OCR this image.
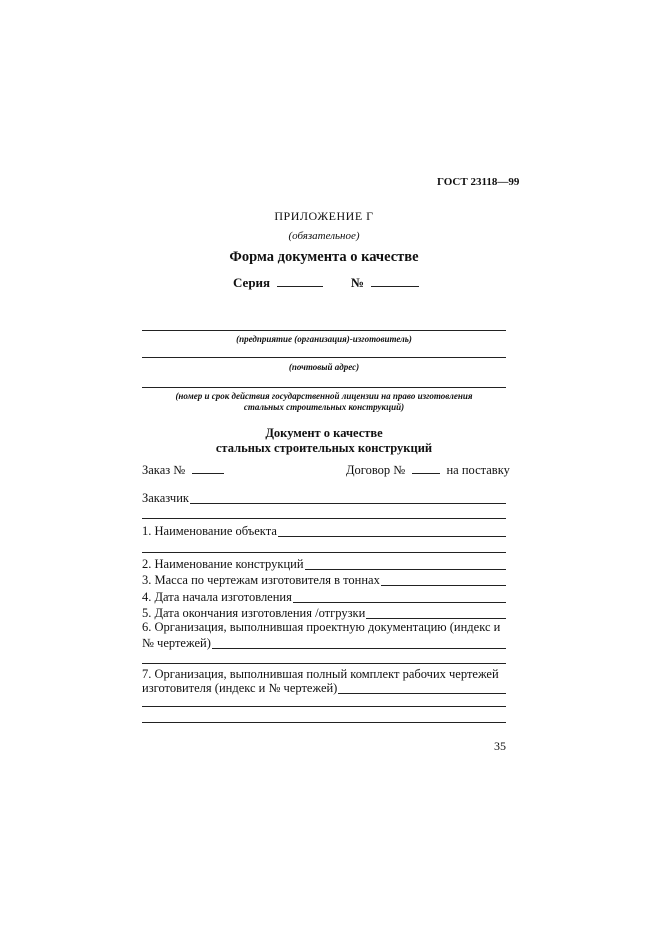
ГОСТ 23118—99
ПРИЛОЖЕНИЕ Г
(обязательное)
Форма документа о качестве
Серия	№
(предприятие (организация)-изготовитель)
(почтовый адрес)
(номер и срок действия государственной лицензии на право изготовления
стальных строительных конструкций)
Документ о качестве
стальных строительных конструкций
Заказ №	Договор №	на поставку
Заказчик
1. Наименование объекта
2. Наименование конструкций
3. Масса по чертежам изготовителя в тоннах
4. Дата начала изготовления
5. Дата окончания изготовления /отгрузки
6. Организация, выполнившая проектную документацию (индекс и
№ чертежей)
7. Организация, выполнившая полный комплект рабочих чертежей
изготовителя (индекс и № чертежей)
35
